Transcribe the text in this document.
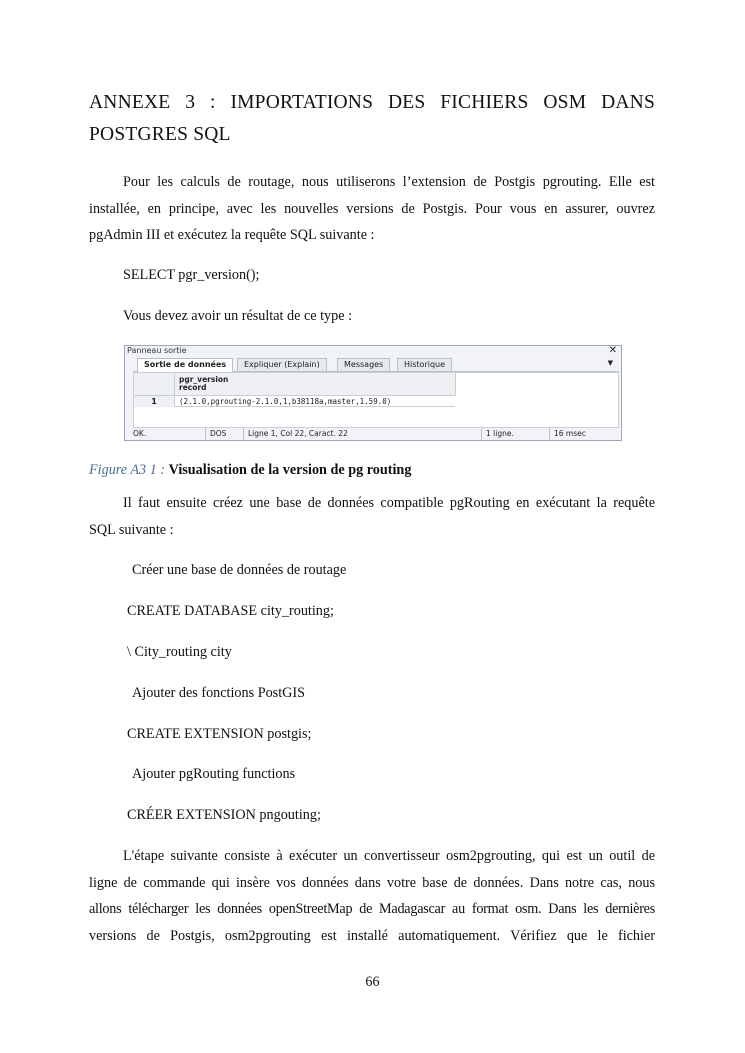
ANNEXE 3 : IMPORTATIONS DES FICHIERS OSM DANS
POSTGRES SQL
Pour les calculs de routage, nous utiliserons l’extension de Postgis pgrouting. Elle est
installée, en principe, avec les nouvelles versions de Postgis. Pour vous en assurer, ouvrez
pgAdmin III et exécutez la requête SQL suivante :
SELECT pgr_version();
Vous devez avoir un résultat de ce type :
Panneau sortie	✕
Sortie de données	Expliquer (Explain)	Messages	Historique	▼
pgr_version
record
1	(2.1.0,pgrouting-2.1.0,1,b38118a,master,1.59.0)
OK.	DOS	Ligne 1, Col 22, Caract. 22	1 ligne.	16 msec
Figure A3 1 : Visualisation de la version de pg routing
Il faut ensuite créez une base de données compatible pgRouting en exécutant la requête
SQL suivante :
Créer une base de données de routage
CREATE DATABASE city_routing;
\ City_routing city
Ajouter des fonctions PostGIS
CREATE EXTENSION postgis;
Ajouter pgRouting functions
CRÉER EXTENSION pngouting;
L'étape suivante consiste à exécuter un convertisseur osm2pgrouting, qui est un outil de
ligne de commande qui insère vos données dans votre base de données. Dans notre cas, nous
allons télécharger les données openStreetMap de Madagascar au format osm. Dans les dernières
versions de Postgis, osm2pgrouting est installé automatiquement. Vérifiez que le fichier
66
